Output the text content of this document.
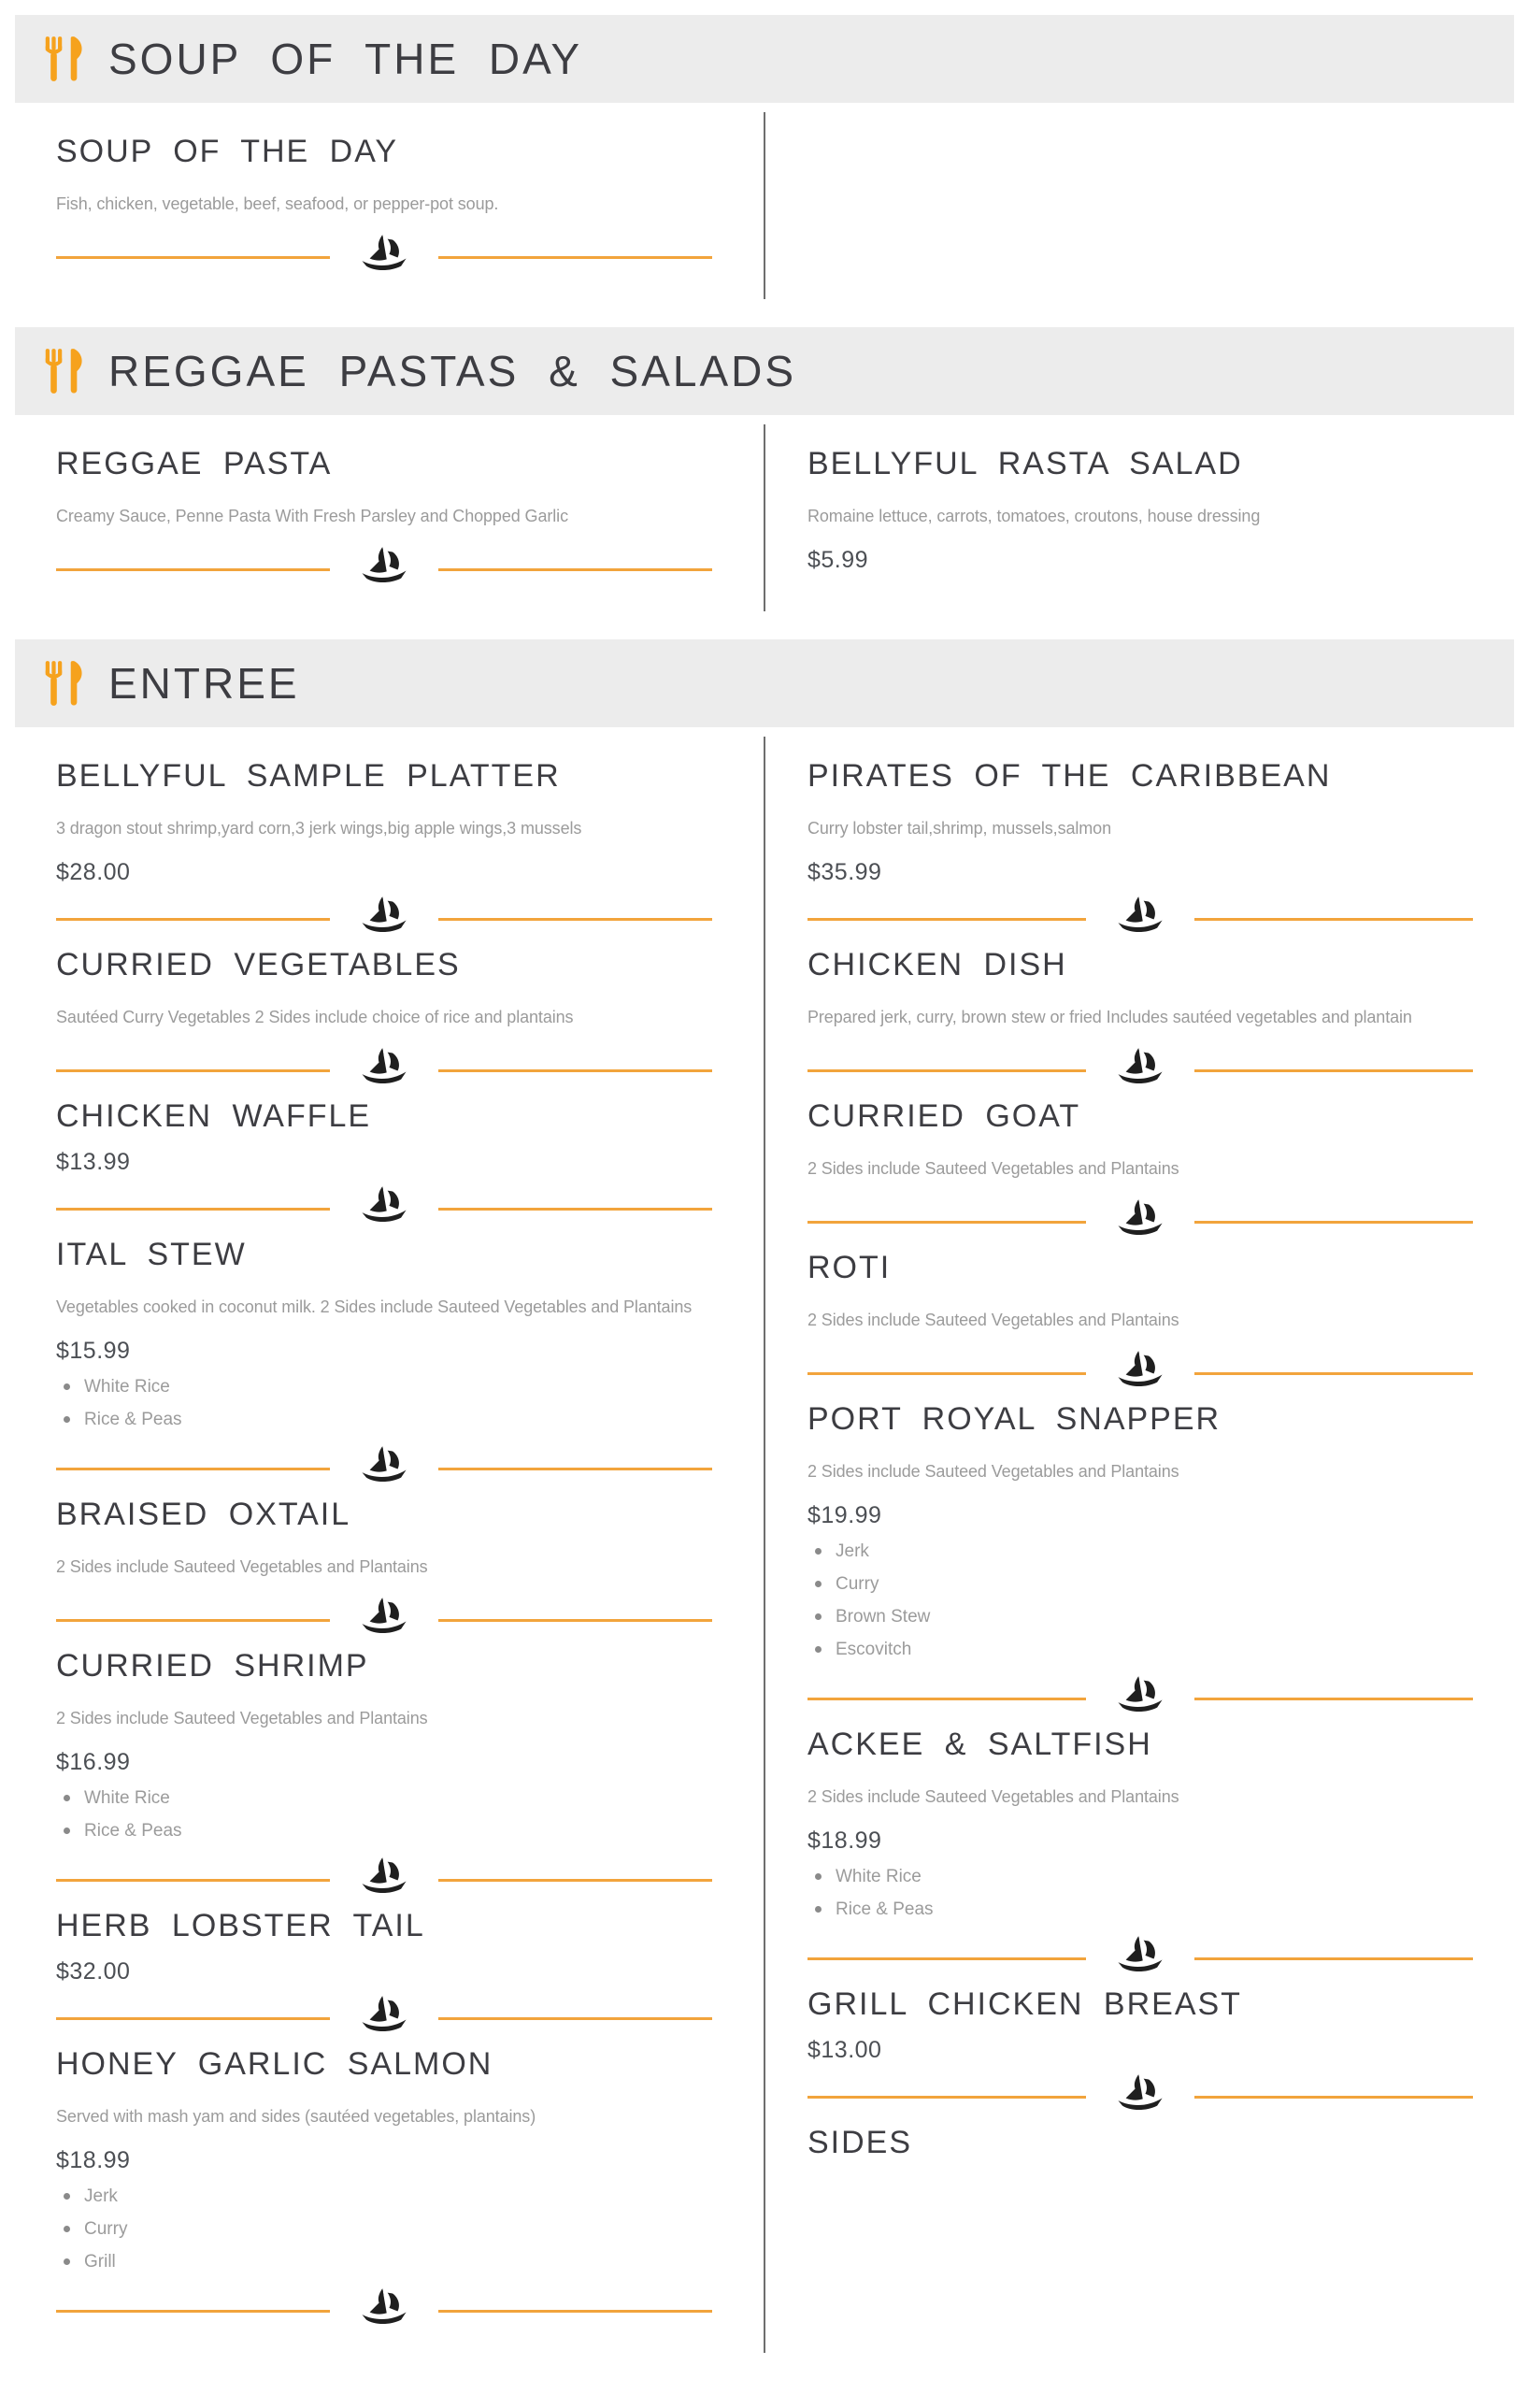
SOUP OF THE DAY
SOUP OF THE DAY

Fish, chicken, vegetable, beef, seafood, or pepper-pot soup.

REGGAE PASTAS & SALADS
REGGAE PASTA

Creamy Sauce, Penne Pasta With Fresh Parsley and Chopped Garlic

BELLYFUL RASTA SALAD

Romaine lettuce, carrots, tomatoes, croutons, house dressing

$5.99
ENTREE
BELLYFUL SAMPLE PLATTER

3 dragon stout shrimp,yard corn,3 jerk wings,big apple wings,3 mussels

$28.00
CURRIED VEGETABLES

Sautéed Curry Vegetables 2 Sides include choice of rice and plantains

CHICKEN WAFFLE
$13.99
ITAL STEW

Vegetables cooked in coconut milk. 2 Sides include Sauteed Vegetables and Plantains

$15.99
White Rice
Rice & Peas
BRAISED OXTAIL

2 Sides include Sauteed Vegetables and Plantains

CURRIED SHRIMP

2 Sides include Sauteed Vegetables and Plantains

$16.99
White Rice
Rice & Peas
HERB LOBSTER TAIL
$32.00
HONEY GARLIC SALMON

Served with mash yam and sides (sautéed vegetables, plantains)

$18.99
Jerk
Curry
Grill
PIRATES OF THE CARIBBEAN

Curry lobster tail,shrimp, mussels,salmon

$35.99
CHICKEN DISH

Prepared jerk, curry, brown stew or fried Includes sautéed vegetables and plantain

CURRIED GOAT

2 Sides include Sauteed Vegetables and Plantains

ROTI

2 Sides include Sauteed Vegetables and Plantains

PORT ROYAL SNAPPER

2 Sides include Sauteed Vegetables and Plantains

$19.99
Jerk
Curry
Brown Stew
Escovitch
ACKEE & SALTFISH

2 Sides include Sauteed Vegetables and Plantains

$18.99
White Rice
Rice & Peas
GRILL CHICKEN BREAST
$13.00
SIDES
